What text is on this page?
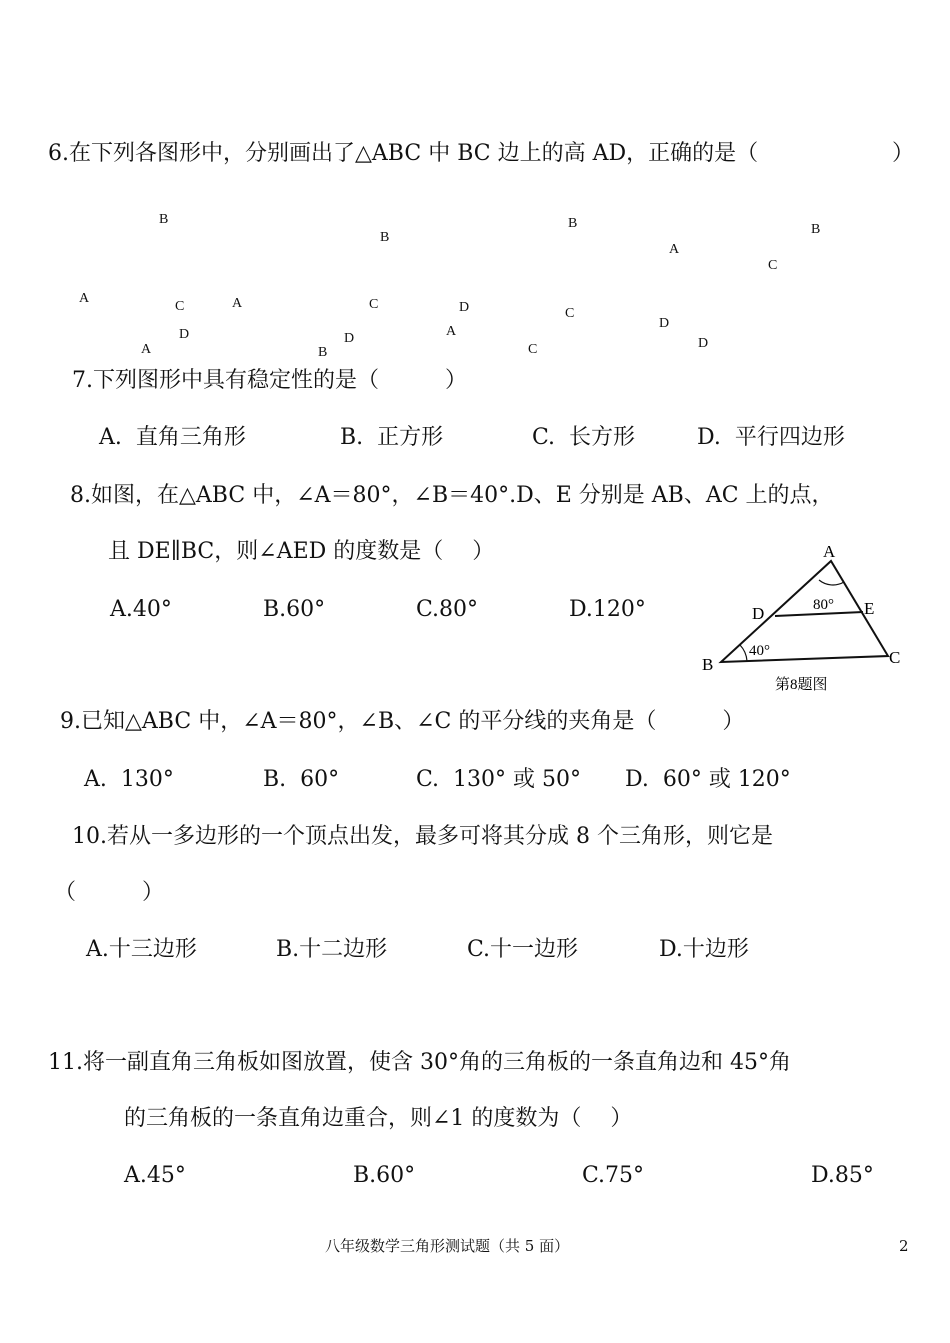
6.在下列各图形中，分别画出了△ABC 中 BC 边上的高 AD，正确的是（	）
B
A
C
D
A
B
A	C
D
B
B
D	C
A
C
B
A
C
D
D
7.下列图形中具有稳定性的是（　　　）
A.  直角三角形	B.  正方形	C.  长方形	D.  平行四边形
8.如图，在△ABC 中，∠A＝80°，∠B＝40°.D、E 分别是 AB、AC 上的点，
且 DE∥BC，则∠AED 的度数是（　 ）
A.40°	B.60°	C.80°	D.120°
A
B	C
D	E
80°
40°
第8题图
9.已知△ABC 中，∠A＝80°，∠B、∠C 的平分线的夹角是（　　　）
A.  130°	B.  60°	C.  130° 或 50° D.  60° 或 120°
10.若从一多边形的一个顶点出发，最多可将其分成 8 个三角形，则它是
（　　　）
A.十三边形	B.十二边形	C.十一边形	D.十边形
11.将一副直角三角板如图放置，使含 30°角的三角板的一条直角边和 45°角
的三角板的一条直角边重合，则∠1 的度数为（　 ）
A.45°	B.60°	C.75°	D.85°
八年级数学三角形测试题（共 5 面）	2
